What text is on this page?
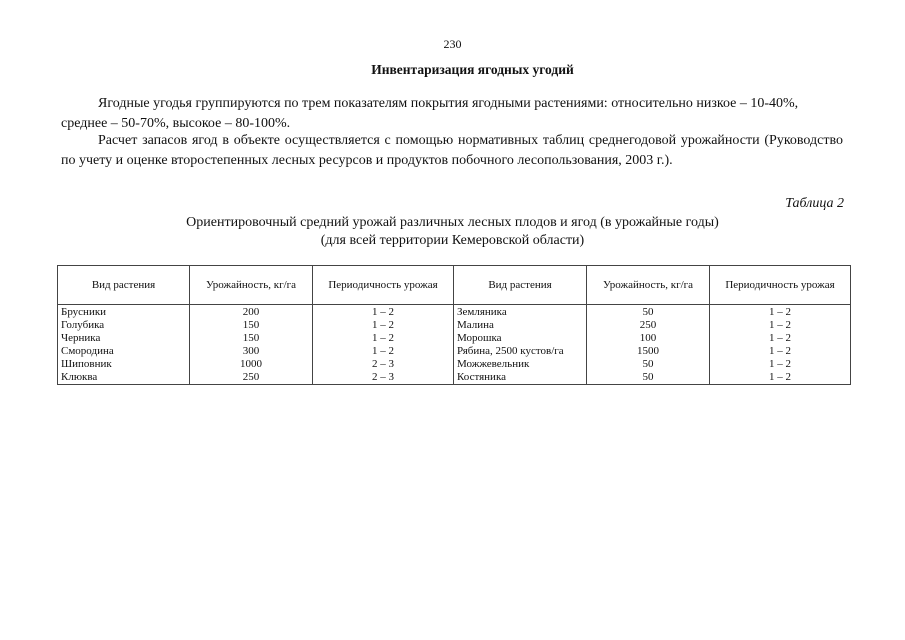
230
Инвентаризация ягодных угодий

Ягодные угодья группируются по трем показателям покрытия ягодными растениями: относительно низкое – 10-40%, среднее – 50-70%, высокое – 80-100%.

Расчет запасов ягод в объекте осуществляется с помощью нормативных таблиц среднегодовой урожайности (Руководство по учету и оценке второстепенных лесных ресурсов и продуктов побочного лесопользования, 2003 г.).

Таблица 2
Ориентировочный средний урожай различных лесных плодов и ягод (в урожайные годы)
(для всей территории Кемеровской области)
Вид растения	Урожайность, кг/га	Периодичность урожая	Вид растения	Урожайность, кг/га	Периодичность урожая
Брусники	200	1 – 2	Земляника	50	1 – 2
Голубика	150	1 – 2	Малина	250	1 – 2
Черника	150	1 – 2	Морошка	100	1 – 2
Смородина	300	1 – 2	Рябина, 2500 кустов/га	1500	1 – 2
Шиповник	1000	2 – 3	Можжевельник	50	1 – 2
Клюква	250	2 – 3	Костяника	50	1 – 2
